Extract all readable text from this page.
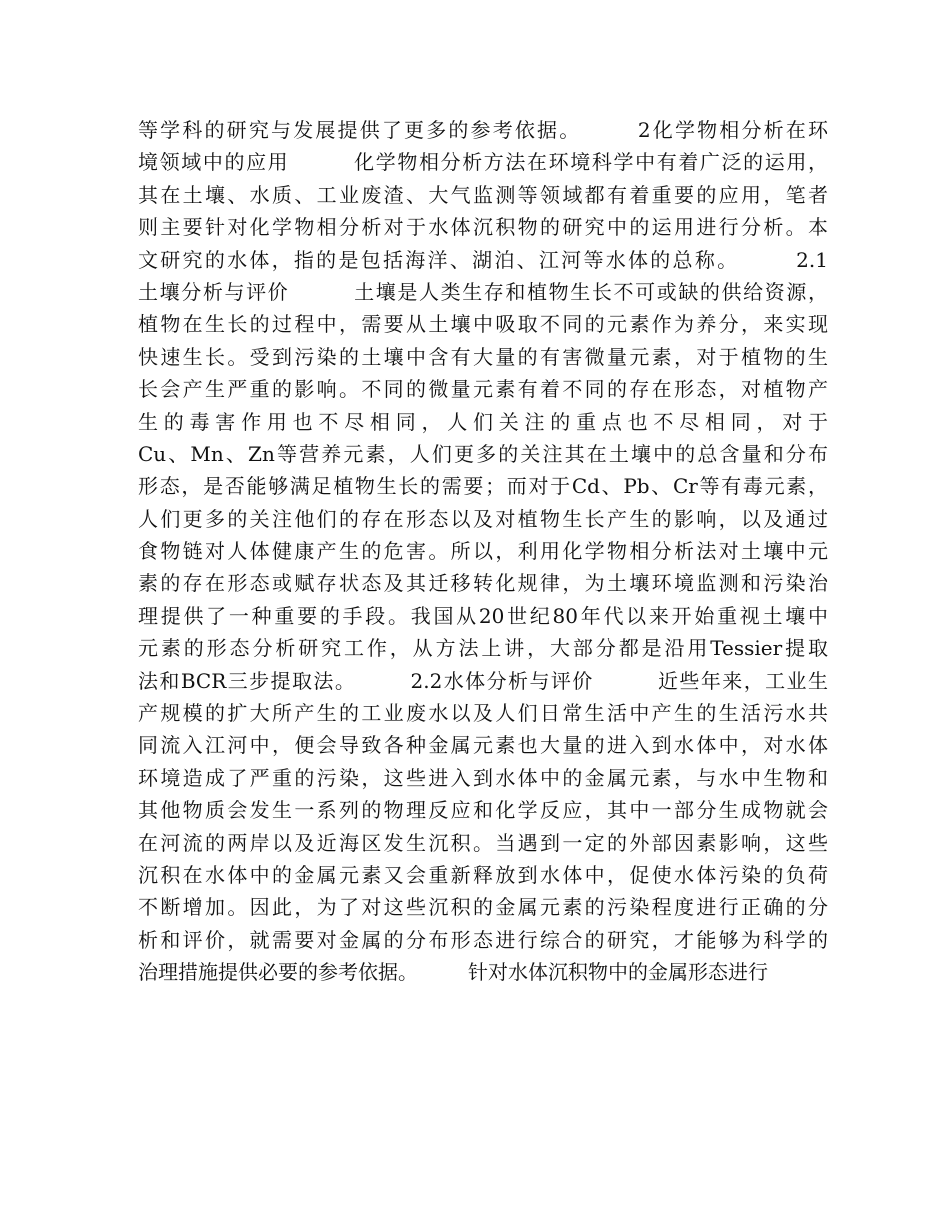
等学科的研究与发展提供了更多的参考依据。　　　2化学物相分析在环
境领域中的应用　　　化学物相分析方法在环境科学中有着广泛的运用，
其在土壤、水质、工业废渣、大气监测等领域都有着重要的应用，笔者
则主要针对化学物相分析对于水体沉积物的研究中的运用进行分析。本
文研究的水体，指的是包括海洋、湖泊、江河等水体的总称。　　　2.1
土壤分析与评价　　　土壤是人类生存和植物生长不可或缺的供给资源，
植物在生长的过程中，需要从土壤中吸取不同的元素作为养分，来实现
快速生长。受到污染的土壤中含有大量的有害微量元素，对于植物的生
长会产生严重的影响。不同的微量元素有着不同的存在形态，对植物产
生的毒害作用也不尽相同，人们关注的重点也不尽相同，对于
Cu、Mn、Zn等营养元素，人们更多的关注其在土壤中的总含量和分布
形态，是否能够满足植物生长的需要；而对于Cd、Pb、Cr等有毒元素，
人们更多的关注他们的存在形态以及对植物生长产生的影响，以及通过
食物链对人体健康产生的危害。所以，利用化学物相分析法对土壤中元
素的存在形态或赋存状态及其迁移转化规律，为土壤环境监测和污染治
理提供了一种重要的手段。我国从20世纪80年代以来开始重视土壤中
元素的形态分析研究工作，从方法上讲，大部分都是沿用Tessier提取
法和BCR三步提取法。　　　2.2水体分析与评价　　　近些年来，工业生
产规模的扩大所产生的工业废水以及人们日常生活中产生的生活污水共
同流入江河中，便会导致各种金属元素也大量的进入到水体中，对水体
环境造成了严重的污染，这些进入到水体中的金属元素，与水中生物和
其他物质会发生一系列的物理反应和化学反应，其中一部分生成物就会
在河流的两岸以及近海区发生沉积。当遇到一定的外部因素影响，这些
沉积在水体中的金属元素又会重新释放到水体中，促使水体污染的负荷
不断增加。因此，为了对这些沉积的金属元素的污染程度进行正确的分
析和评价，就需要对金属的分布形态进行综合的研究，才能够为科学的
治理措施提供必要的参考依据。　　　针对水体沉积物中的金属形态进行
